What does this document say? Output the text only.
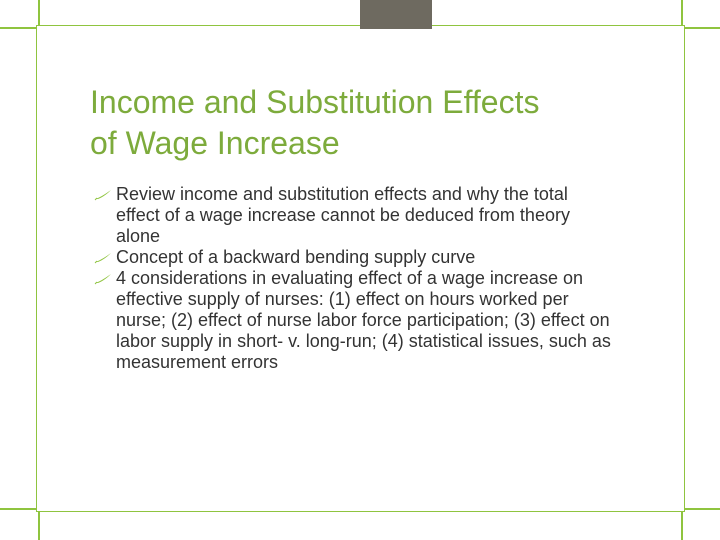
Income and Substitution Effects
of Wage Increase
Review income and substitution effects and why the total effect of a wage increase cannot be deduced from theory alone
Concept of a backward bending supply curve
4 considerations in evaluating effect of a wage increase on effective supply of nurses: (1) effect on hours worked per nurse; (2) effect of nurse labor force participation; (3) effect on labor supply in short- v. long-run; (4) statistical issues, such as measurement errors
